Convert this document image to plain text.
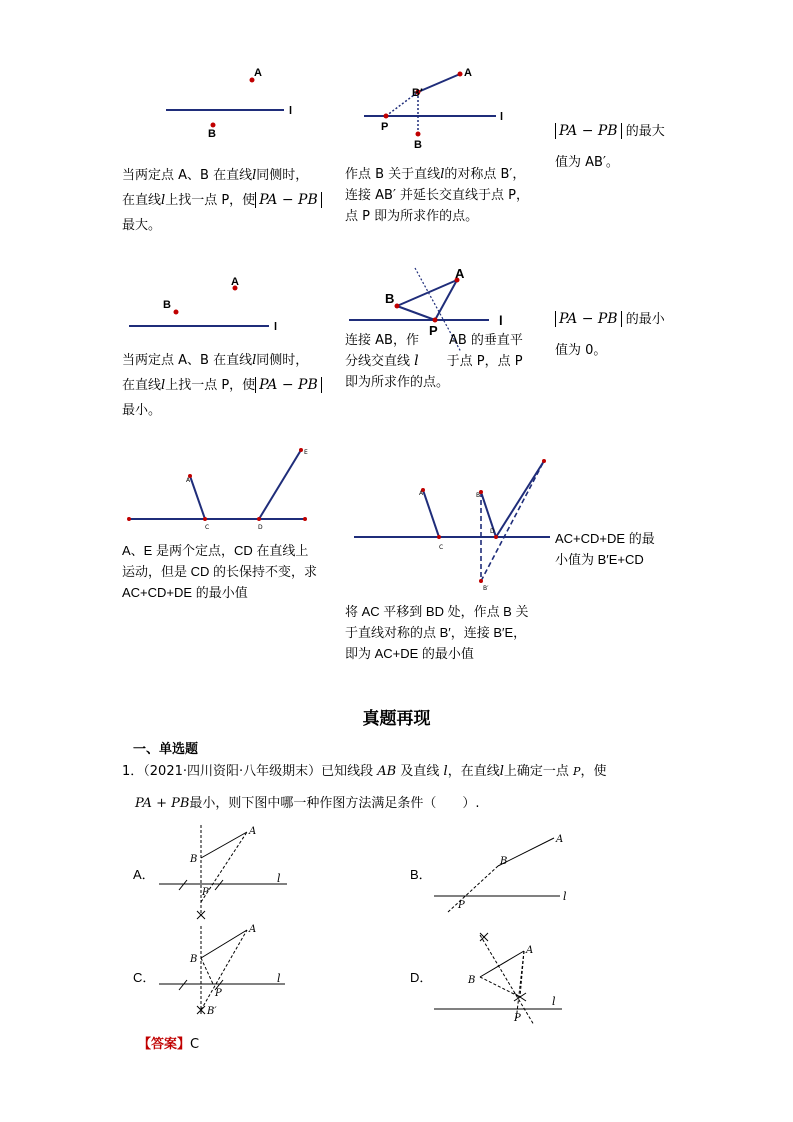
A
B
l
当两定点 A、B 在直线l同侧时，
在直线l上找一点 P，使 PA − PB
最大。
A
B′
B
P
l
作点 B 关于直线l的对称点 B′，
连接 AB′ 并延长交直线于点 P，
点 P 即为所求作的点。
PA − PB 的最大
值为 AB′。
A
B
l
当两定点 A、B 在直线l同侧时，
在直线l上找一点 P，使 PA − PB
最小。
A
B
P
l
连接 AB，作 AB 的垂直平
分线交直线 l 于点 P，点 P
即为所求作的点。
PA − PB 的最小
值为 0。
A
C	D
E
A、E 是两个定点，CD 在直线上
运动，但是 CD 的长保持不变，求
AC+CD+DE 的最小值
A
C
B
D
B′
将 AC 平移到 BD 处，作点 B 关
于直线对称的点 B′，连接 B′E，
即为 AC+DE 的最小值
AC+CD+DE 的最
小值为 B′E+CD
真题再现
一、单选题
1．（2021·四川资阳·八年级期末）已知线段 AB 及直线 l，在直线l上确定一点 P，使
PA + PB最小，则下图中哪一种作图方法满足条件（　　）.
A．
A
B
P
l	B．
A
B
P
l
C．
A
B
P
l
B′
D．
A
B
P
l
【答案】C
